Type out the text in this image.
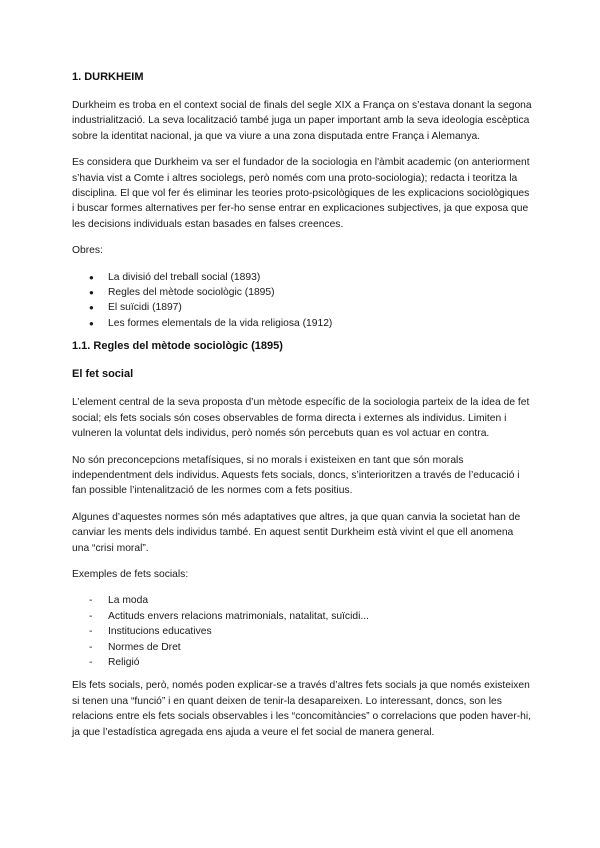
1. DURKHEIM

Durkheim es troba en el context social de finals del segle XIX a França on s’estava donant la segona industrialització. La seva localització també juga un paper important amb la seva ideologia escèptica sobre la identitat nacional, ja que va viure a una zona disputada entre França i Alemanya.

Es considera que Durkheim va ser el fundador de la sociologia en l'àmbit academic (on anteriorment s’havia vist a Comte i altres sociolegs, però només com una proto-sociologia); redacta i teoritza la disciplina. El que vol fer és eliminar les teories proto-psicològiques de les explicacions sociològiques i buscar formes alternatives per fer-ho sense entrar en explicaciones subjectives, ja que exposa que les decisions individuals estan basades en falses creences.

Obres:

● La divisió del treball social (1893)
● Regles del mètode sociològic (1895)
● El suïcidi (1897)
● Les formes elementals de la vida religiosa (1912)
1.1. Regles del mètode sociològic (1895)
El fet social

L’element central de la seva proposta d’un mètode específic de la sociologia parteix de la idea de fet social; els fets socials són coses observables de forma directa i externes als individus. Limiten i vulneren la voluntat dels individus, però només són percebuts quan es vol actuar en contra.

No són preconcepcions metafísiques, si no morals i existeixen en tant que són morals independentment dels individus. Aquests fets socials, doncs, s’interioritzen a través de l’educació i fan possible l’intenalització de les normes com a fets positius.

Algunes d’aquestes normes són més adaptatives que altres, ja que quan canvia la societat han de canviar les ments dels individus també. En aquest sentit Durkheim està vivint el que ell anomena una “crisi moral”.

Exemples de fets socials:

- La moda
- Actituds envers relacions matrimonials, natalitat, suïcidi...
- Institucions educatives
- Normes de Dret
- Religió

Els fets socials, però, només poden explicar-se a través d’altres fets socials ja que només existeixen si tenen una “funció” i en quant deixen de tenir-la desapareixen. Lo interessant, doncs, son les relacions entre els fets socials observables i les “concomitàncies” o correlacions que poden haver-hi, ja que l’estadística agregada ens ajuda a veure el fet social de manera general.
